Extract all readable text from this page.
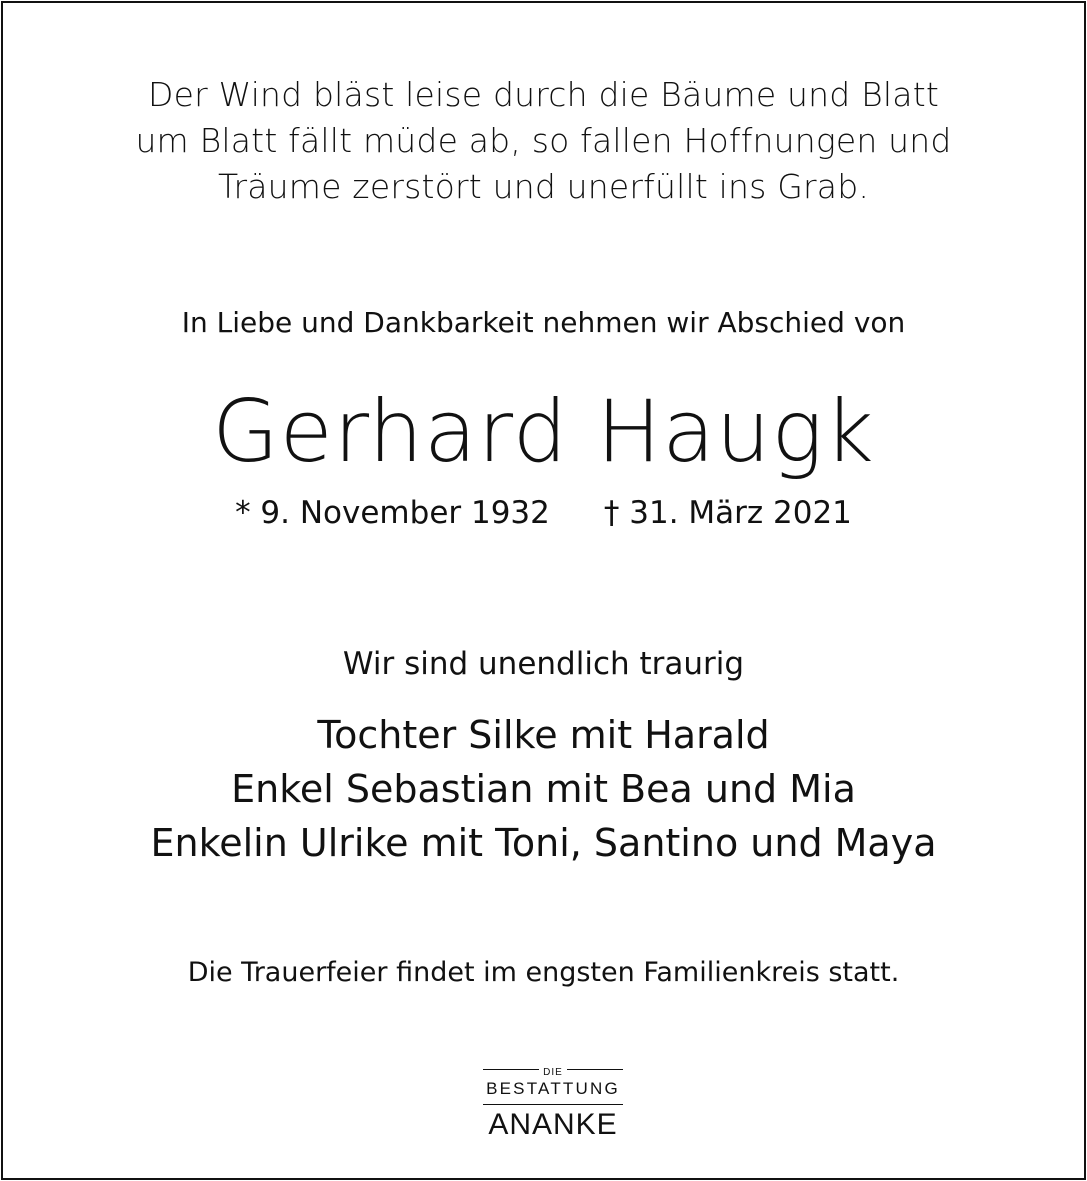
Der Wind bläst leise durch die Bäume und Blatt
um Blatt fällt müde ab, so fallen Hoffnungen und
Träume zerstört und unerfüllt ins Grab.
In Liebe und Dankbarkeit nehmen wir Abschied von
Gerhard Haugk
* 9. November 1932 † 31. März 2021
Wir sind unendlich traurig
Tochter Silke mit Harald
Enkel Sebastian mit Bea und Mia
Enkelin Ulrike mit Toni, Santino und Maya
Die Trauerfeier findet im engsten Familienkreis statt.
DIE
BESTATTUNG
ANANKE
